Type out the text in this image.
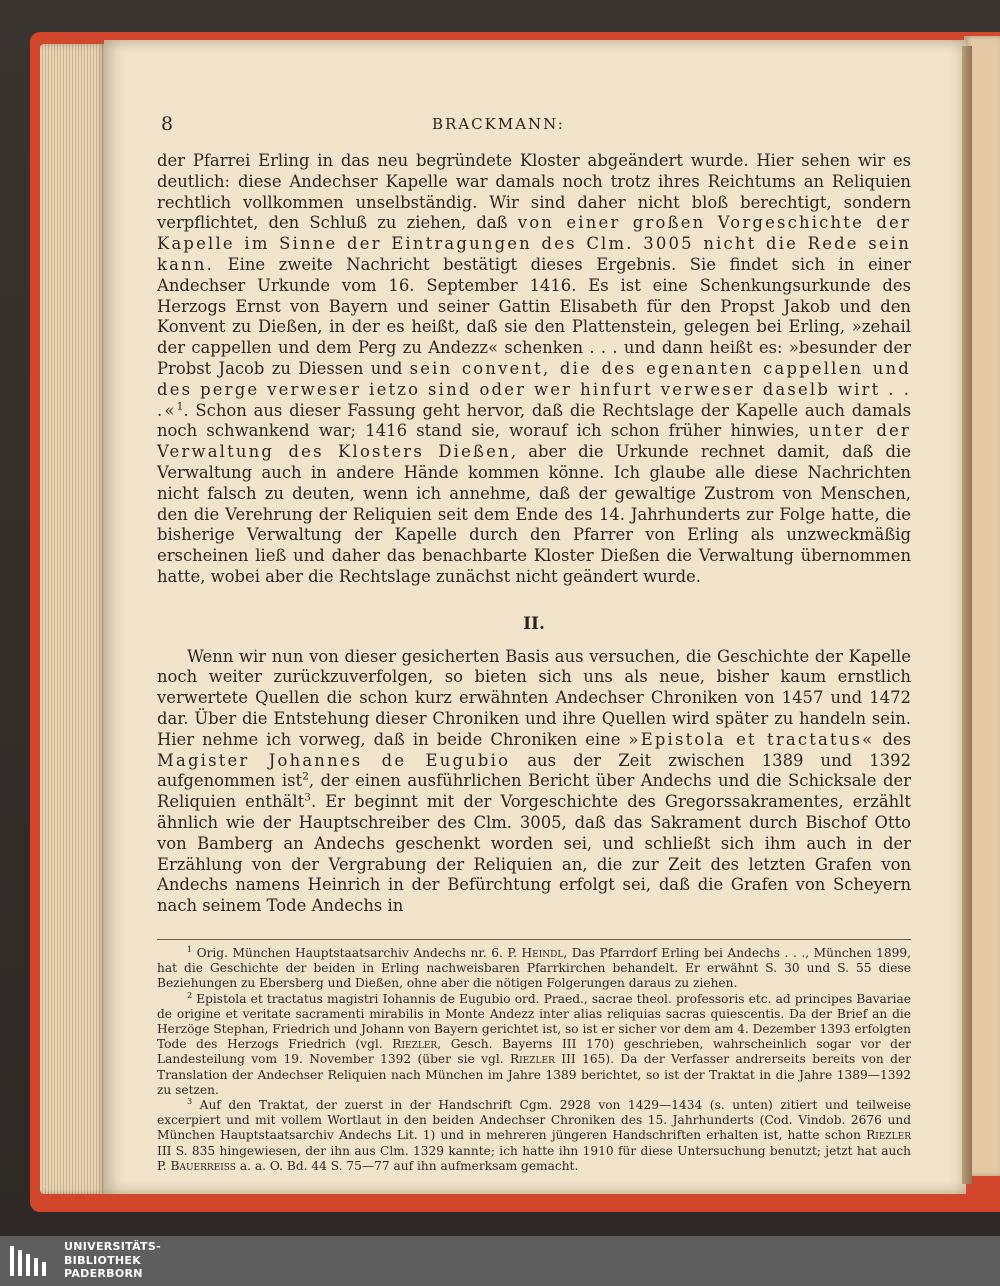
8	BRACKMANN:

der Pfarrei Erling in das neu begründete Kloster abgeändert wurde. Hier sehen wir es deutlich: diese Andechser Kapelle war damals noch trotz ihres Reichtums an Reliquien rechtlich vollkommen unselbständig. Wir sind daher nicht bloß berechtigt, sondern verpflichtet, den Schluß zu ziehen, daß von einer großen Vorgeschichte der Kapelle im Sinne der Eintragungen des Clm. 3005 nicht die Rede sein kann. Eine zweite Nachricht bestätigt dieses Ergebnis. Sie findet sich in einer Andechser Urkunde vom 16. September 1416. Es ist eine Schenkungsurkunde des Herzogs Ernst von Bayern und seiner Gattin Elisabeth für den Propst Jakob und den Konvent zu Dießen, in der es heißt, daß sie den Plattenstein, gelegen bei Erling, »zehail der cappellen und dem Perg zu Andezz« schenken . . . und dann heißt es: »besunder der Probst Jacob zu Diessen und sein convent, die des egenanten cappellen und des perge verweser ietzo sind oder wer hinfurt verweser daselb wirt . . .«$^1$. Schon aus dieser Fassung geht hervor, daß die Rechtslage der Kapelle auch damals noch schwankend war; 1416 stand sie, worauf ich schon früher hinwies, unter der Verwaltung des Klosters Dießen, aber die Urkunde rechnet damit, daß die Verwaltung auch in andere Hände kommen könne. Ich glaube alle diese Nachrichten nicht falsch zu deuten, wenn ich annehme, daß der gewaltige Zustrom von Menschen, den die Verehrung der Reliquien seit dem Ende des 14. Jahrhunderts zur Folge hatte, die bisherige Verwaltung der Kapelle durch den Pfarrer von Erling als unzweckmäßig erscheinen ließ und daher das benachbarte Kloster Dießen die Verwaltung übernommen hatte, wobei aber die Rechtslage zunächst nicht geändert wurde.

II.

Wenn wir nun von dieser gesicherten Basis aus versuchen, die Geschichte der Kapelle noch weiter zurückzuverfolgen, so bieten sich uns als neue, bisher kaum ernstlich verwertete Quellen die schon kurz erwähnten Andechser Chroniken von 1457 und 1472 dar. Über die Entstehung dieser Chroniken und ihre Quellen wird später zu handeln sein. Hier nehme ich vorweg, daß in beide Chroniken eine »Epistola et tractatus« des Magister Johannes de Eugubio aus der Zeit zwischen 1389 und 1392 aufgenommen ist$^2$, der einen ausführlichen Bericht über Andechs und die Schicksale der Reliquien enthält$^3$. Er beginnt mit der Vorgeschichte des Gregorssakramentes, erzählt ähnlich wie der Hauptschreiber des Clm. 3005, daß das Sakrament durch Bischof Otto von Bamberg an Andechs geschenkt worden sei, und schließt sich ihm auch in der Erzählung von der Vergrabung der Reliquien an, die zur Zeit des letzten Grafen von Andechs namens Heinrich in der Befürchtung erfolgt sei, daß die Grafen von Scheyern nach seinem Tode Andechs in

$^1$ Orig. München Hauptstaatsarchiv Andechs nr. 6. P. Heindl, Das Pfarrdorf Erling bei Andechs . . ., München 1899, hat die Geschichte der beiden in Erling nachweisbaren Pfarrkirchen behandelt. Er erwähnt S. 30 und S. 55 diese Beziehungen zu Ebersberg und Dießen, ohne aber die nötigen Folgerungen daraus zu ziehen.

$^2$ Epistola et tractatus magistri Iohannis de Eugubio ord. Praed., sacrae theol. professoris etc. ad principes Bavariae de origine et veritate sacramenti mirabilis in Monte Andezz inter alias reliquias sacras quiescentis. Da der Brief an die Herzöge Stephan, Friedrich und Johann von Bayern gerichtet ist, so ist er sicher vor dem am 4. Dezember 1393 erfolgten Tode des Herzogs Friedrich (vgl. Riezler, Gesch. Bayerns III 170) geschrieben, wahrscheinlich sogar vor der Landesteilung vom 19. November 1392 (über sie vgl. Riezler III 165). Da der Verfasser andrerseits bereits von der Translation der Andechser Reliquien nach München im Jahre 1389 berichtet, so ist der Traktat in die Jahre 1389—1392 zu setzen.

$^3$ Auf den Traktat, der zuerst in der Handschrift Cgm. 2928 von 1429—1434 (s. unten) zitiert und teilweise excerpiert und mit vollem Wortlaut in den beiden Andechser Chroniken des 15. Jahrhunderts (Cod. Vindob. 2676 und München Hauptstaatsarchiv Andechs Lit. 1) und in mehreren jüngeren Handschriften erhalten ist, hatte schon Riezler III S. 835 hingewiesen, der ihn aus Clm. 1329 kannte; ich hatte ihn 1910 für diese Untersuchung benutzt; jetzt hat auch P. Bauerreiss a. a. O. Bd. 44 S. 75—77 auf ihn aufmerksam gemacht.

UNIVERSITÄTS-
BIBLIOTHEK
PADERBORN
